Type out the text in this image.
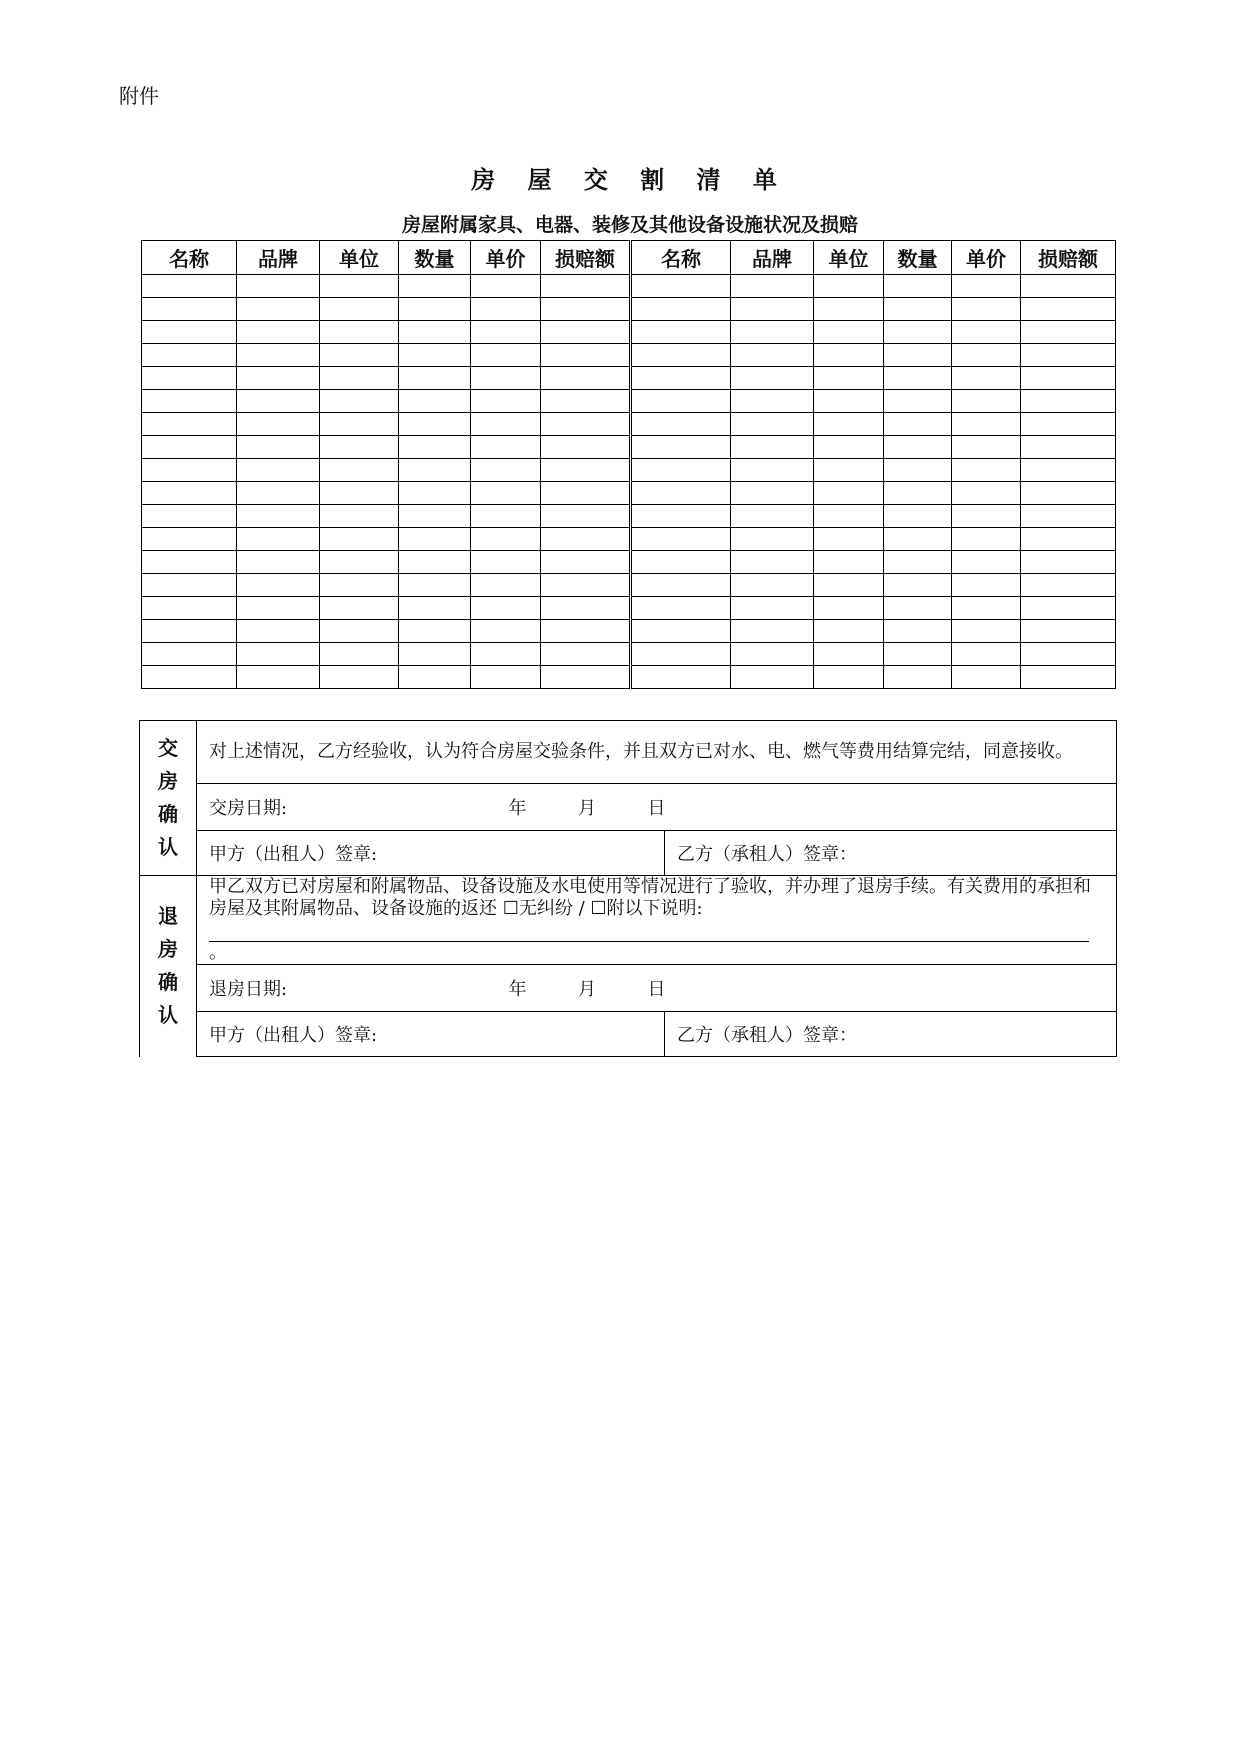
附件
房 屋 交 割 清 单
房屋附属家具、电器、装修及其他设备设施状况及损赔
名称	品牌	单位	数量	单价	损赔额	名称	品牌	单位	数量	单价	损赔额

交
房
确
认	对上述情况，乙方经验收，认为符合房屋交验条件，并且双方已对水、电、燃气等费用结算完结，同意接收。	
	交房日期: 年 月 日	
	甲方（出租人）签章:	乙方（承租人）签章：
退
房
确
认	甲乙双方已对房屋和附属物品、设备设施及水电使用等情况进行了验收，并办理了退房手续。有关费用的承担和房屋及其附属物品、设备设施的返还 ☐无纠纷 / ☐附以下说明:
。	
	退房日期: 年 月 日	
	甲方（出租人）签章:	乙方（承租人）签章：
